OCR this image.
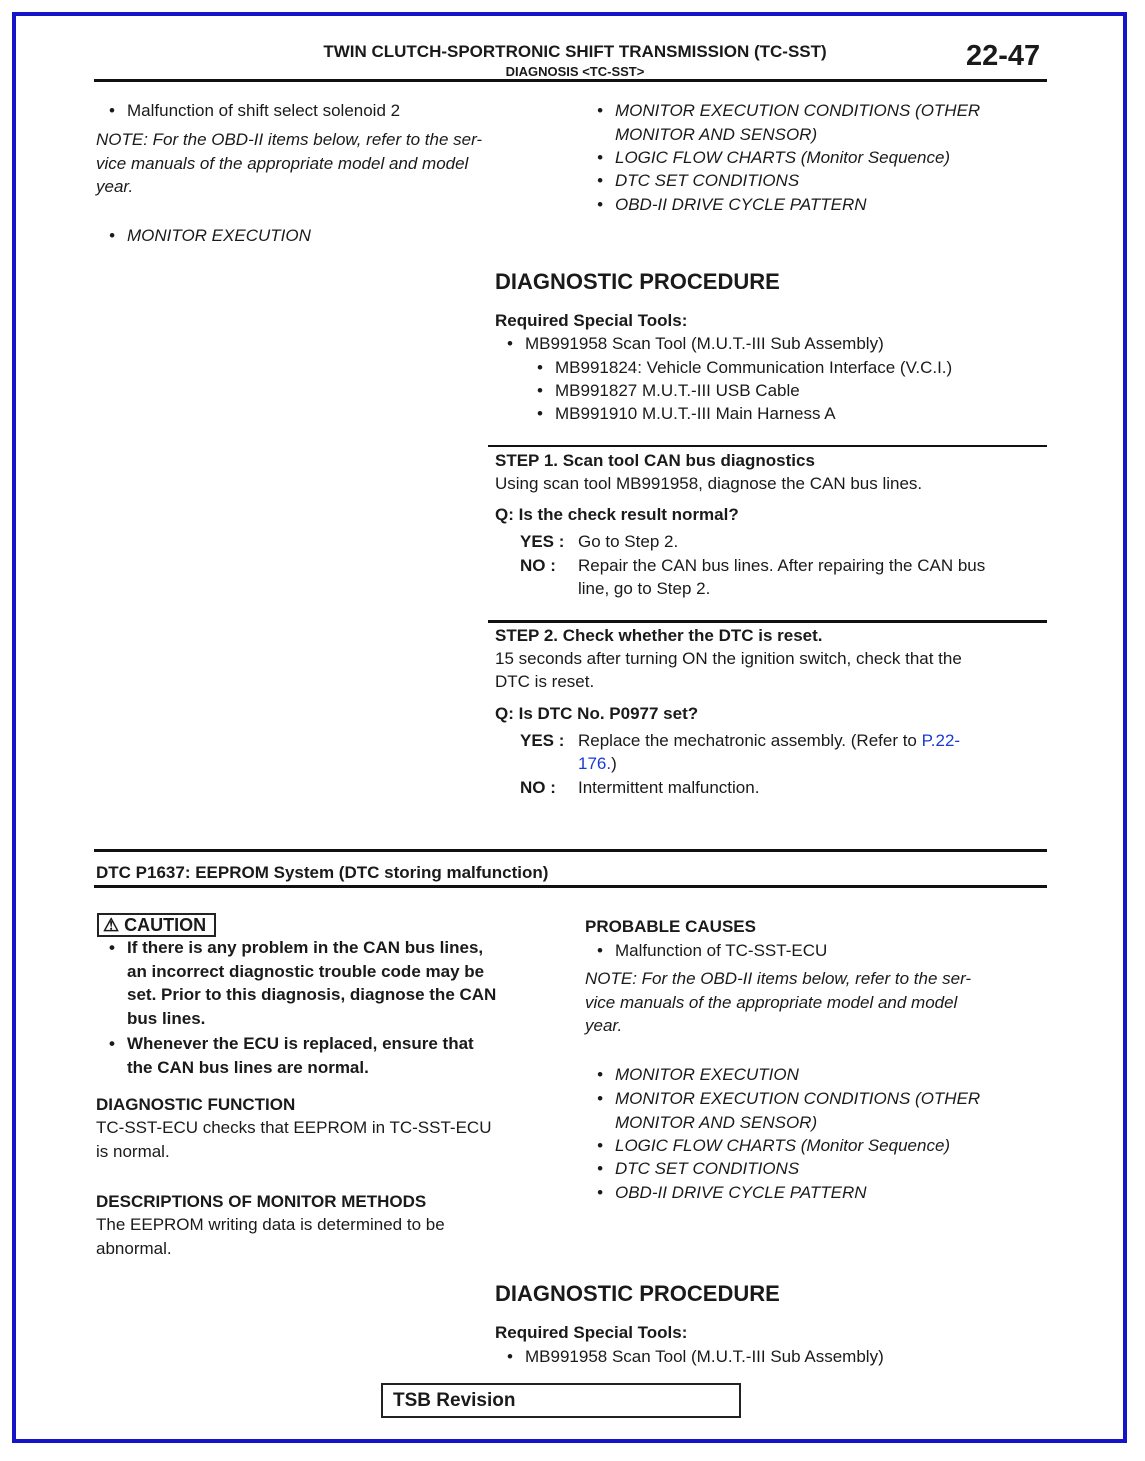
TWIN CLUTCH-SPORTRONIC SHIFT TRANSMISSION (TC-SST)
DIAGNOSIS <TC-SST>	22-47
• Malfunction of shift select solenoid 2
NOTE: For the OBD-II items below, refer to the ser-
vice manuals of the appropriate model and model
year.
• MONITOR EXECUTION
• MONITOR EXECUTION CONDITIONS (OTHER
MONITOR AND SENSOR)
• LOGIC FLOW CHARTS (Monitor Sequence)
• DTC SET CONDITIONS
• OBD-II DRIVE CYCLE PATTERN
DIAGNOSTIC PROCEDURE
Required Special Tools:
• MB991958 Scan Tool (M.U.T.-III Sub Assembly)
• MB991824: Vehicle Communication Interface (V.C.I.)
• MB991827 M.U.T.-III USB Cable
• MB991910 M.U.T.-III Main Harness A
STEP 1. Scan tool CAN bus diagnostics
Using scan tool MB991958, diagnose the CAN bus lines.
Q: Is the check result normal?
YES : Go to Step 2.
NO : Repair the CAN bus lines. After repairing the CAN bus
line, go to Step 2.
STEP 2. Check whether the DTC is reset.
15 seconds after turning ON the ignition switch, check that the
DTC is reset.
Q: Is DTC No. P0977 set?
YES : Replace the mechatronic assembly. (Refer to P.22-
176.)
NO : Intermittent malfunction.
DTC P1637: EEPROM System (DTC storing malfunction)
⚠ CAUTION
• If there is any problem in the CAN bus lines,
an incorrect diagnostic trouble code may be
set. Prior to this diagnosis, diagnose the CAN
bus lines.
• Whenever the ECU is replaced, ensure that
the CAN bus lines are normal.
DIAGNOSTIC FUNCTION
TC-SST-ECU checks that EEPROM in TC-SST-ECU
is normal.
DESCRIPTIONS OF MONITOR METHODS
The EEPROM writing data is determined to be
abnormal.
PROBABLE CAUSES
• Malfunction of TC-SST-ECU
NOTE: For the OBD-II items below, refer to the ser-
vice manuals of the appropriate model and model
year.
• MONITOR EXECUTION
• MONITOR EXECUTION CONDITIONS (OTHER
MONITOR AND SENSOR)
• LOGIC FLOW CHARTS (Monitor Sequence)
• DTC SET CONDITIONS
• OBD-II DRIVE CYCLE PATTERN
DIAGNOSTIC PROCEDURE
Required Special Tools:
• MB991958 Scan Tool (M.U.T.-III Sub Assembly)
TSB Revision
